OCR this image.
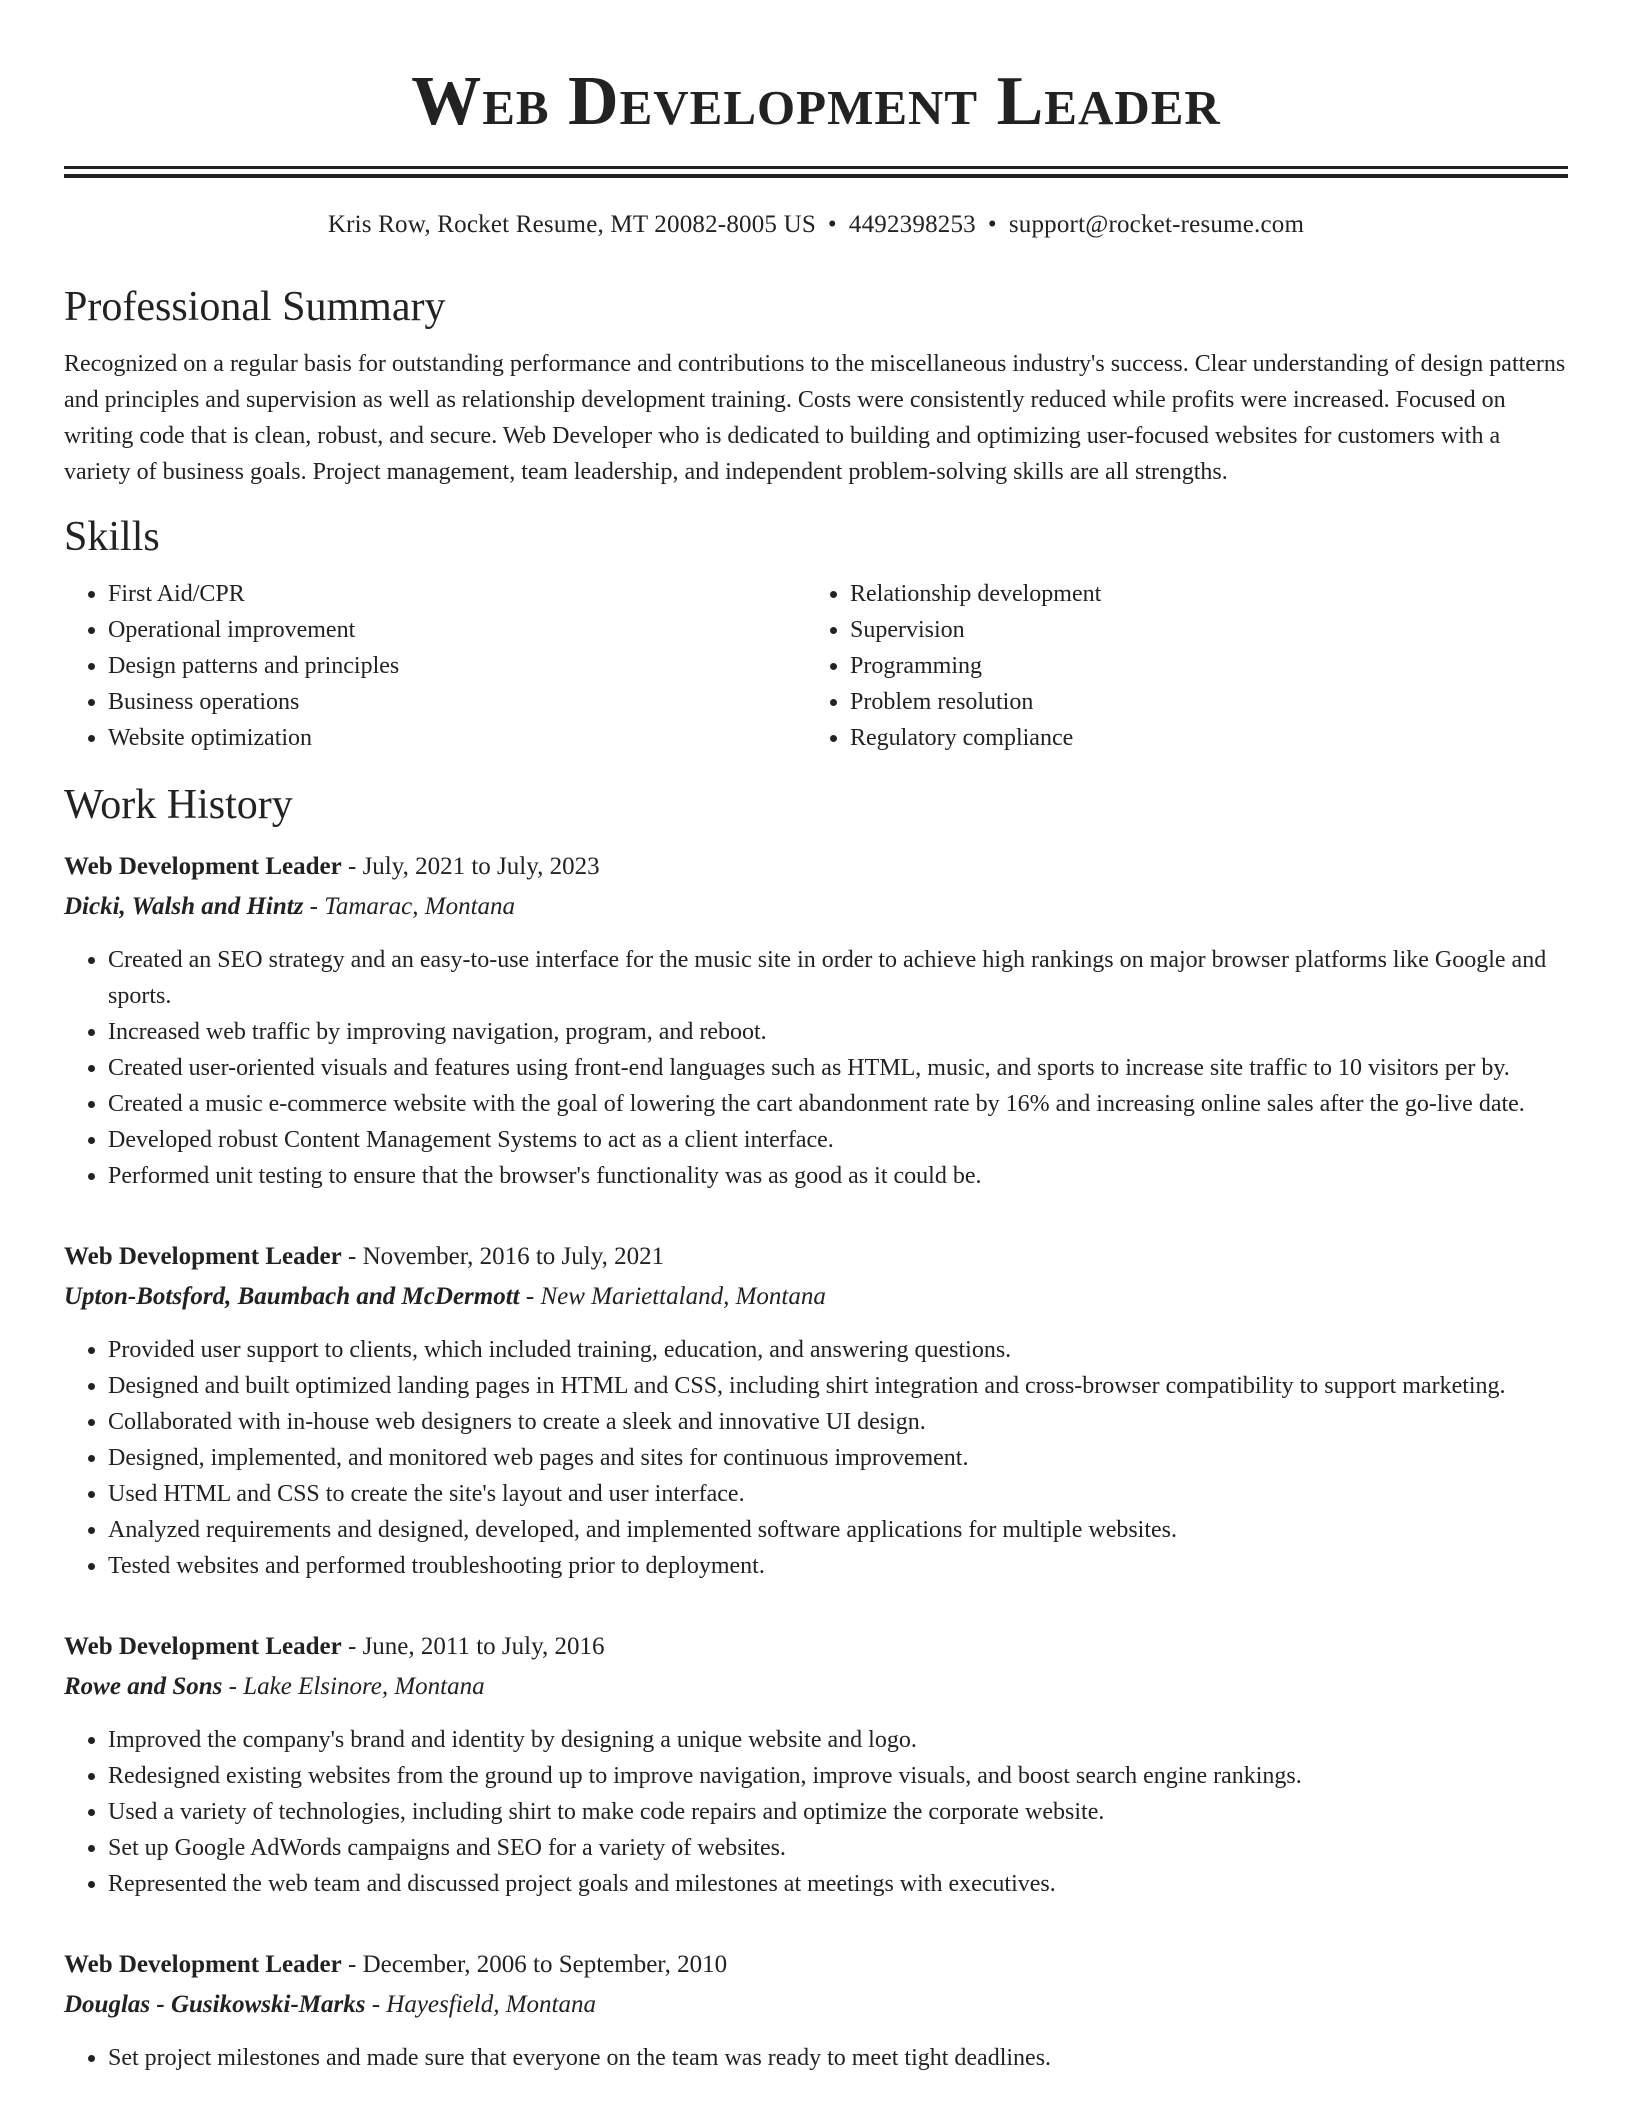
Web Development Leader
Kris Row, Rocket Resume, MT 20082-8005 US • 4492398253 • support@rocket-resume.com
Professional Summary
Recognized on a regular basis for outstanding performance and contributions to the miscellaneous industry's success. Clear understanding of design patterns and principles and supervision as well as relationship development training. Costs were consistently reduced while profits were increased. Focused on writing code that is clean, robust, and secure. Web Developer who is dedicated to building and optimizing user-focused websites for customers with a variety of business goals. Project management, team leadership, and independent problem-solving skills are all strengths.
Skills
• First Aid/CPR
• Operational improvement
• Design patterns and principles
• Business operations
• Website optimization
• Relationship development
• Supervision
• Programming
• Problem resolution
• Regulatory compliance
Work History
Web Development Leader - July, 2021 to July, 2023
Dicki, Walsh and Hintz - Tamarac, Montana
• Created an SEO strategy and an easy-to-use interface for the music site in order to achieve high rankings on major browser platforms like Google and sports.
• Increased web traffic by improving navigation, program, and reboot.
• Created user-oriented visuals and features using front-end languages such as HTML, music, and sports to increase site traffic to 10 visitors per by.
• Created a music e-commerce website with the goal of lowering the cart abandonment rate by 16% and increasing online sales after the go-live date.
• Developed robust Content Management Systems to act as a client interface.
• Performed unit testing to ensure that the browser's functionality was as good as it could be.
Web Development Leader - November, 2016 to July, 2021
Upton-Botsford, Baumbach and McDermott - New Mariettaland, Montana
• Provided user support to clients, which included training, education, and answering questions.
• Designed and built optimized landing pages in HTML and CSS, including shirt integration and cross-browser compatibility to support marketing.
• Collaborated with in-house web designers to create a sleek and innovative UI design.
• Designed, implemented, and monitored web pages and sites for continuous improvement.
• Used HTML and CSS to create the site's layout and user interface.
• Analyzed requirements and designed, developed, and implemented software applications for multiple websites.
• Tested websites and performed troubleshooting prior to deployment.
Web Development Leader - June, 2011 to July, 2016
Rowe and Sons - Lake Elsinore, Montana
• Improved the company's brand and identity by designing a unique website and logo.
• Redesigned existing websites from the ground up to improve navigation, improve visuals, and boost search engine rankings.
• Used a variety of technologies, including shirt to make code repairs and optimize the corporate website.
• Set up Google AdWords campaigns and SEO for a variety of websites.
• Represented the web team and discussed project goals and milestones at meetings with executives.
Web Development Leader - December, 2006 to September, 2010
Douglas - Gusikowski-Marks - Hayesfield, Montana
• Set project milestones and made sure that everyone on the team was ready to meet tight deadlines.
